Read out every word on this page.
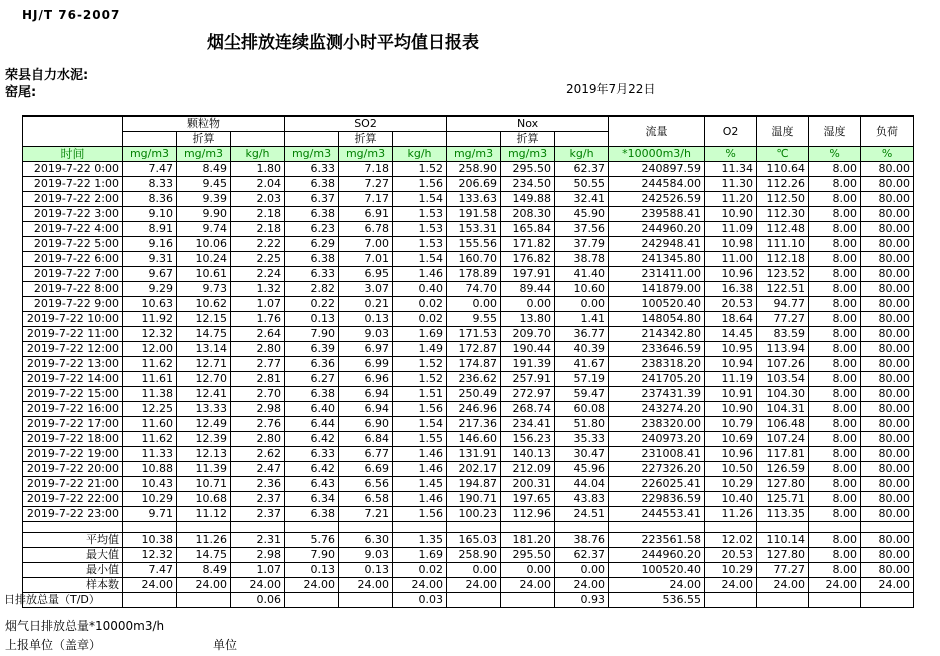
HJ/T 76-2007
烟尘排放连续监测小时平均值日报表
荣县自力水泥:
窑尾:	2019年7月22日
	颗粒物			SO2			Nox			流量	O2	温度	湿度	负荷
		折算			折算			折算						
时间	mg/m3	mg/m3	kg/h	mg/m3	mg/m3	kg/h	mg/m3	mg/m3	kg/h	*10000m3/h	%	℃	%	%
2019-7-22 0:00	7.47	8.49	1.80	6.33	7.18	1.52	258.90	295.50	62.37	240897.59	11.34	110.64	8.00	80.00
2019-7-22 1:00	8.33	9.45	2.04	6.38	7.27	1.56	206.69	234.50	50.55	244584.00	11.30	112.26	8.00	80.00
2019-7-22 2:00	8.36	9.39	2.03	6.37	7.17	1.54	133.63	149.88	32.41	242526.59	11.20	112.50	8.00	80.00
2019-7-22 3:00	9.10	9.90	2.18	6.38	6.91	1.53	191.58	208.30	45.90	239588.41	10.90	112.30	8.00	80.00
2019-7-22 4:00	8.91	9.74	2.18	6.23	6.78	1.53	153.31	165.84	37.56	244960.20	11.09	112.48	8.00	80.00
2019-7-22 5:00	9.16	10.06	2.22	6.29	7.00	1.53	155.56	171.82	37.79	242948.41	10.98	111.10	8.00	80.00
2019-7-22 6:00	9.31	10.24	2.25	6.38	7.01	1.54	160.70	176.82	38.78	241345.80	11.00	112.18	8.00	80.00
2019-7-22 7:00	9.67	10.61	2.24	6.33	6.95	1.46	178.89	197.91	41.40	231411.00	10.96	123.52	8.00	80.00
2019-7-22 8:00	9.29	9.73	1.32	2.82	3.07	0.40	74.70	89.44	10.60	141879.00	16.38	122.51	8.00	80.00
2019-7-22 9:00	10.63	10.62	1.07	0.22	0.21	0.02	0.00	0.00	0.00	100520.40	20.53	94.77	8.00	80.00
2019-7-22 10:00	11.92	12.15	1.76	0.13	0.13	0.02	9.55	13.80	1.41	148054.80	18.64	77.27	8.00	80.00
2019-7-22 11:00	12.32	14.75	2.64	7.90	9.03	1.69	171.53	209.70	36.77	214342.80	14.45	83.59	8.00	80.00
2019-7-22 12:00	12.00	13.14	2.80	6.39	6.97	1.49	172.87	190.44	40.39	233646.59	10.95	113.94	8.00	80.00
2019-7-22 13:00	11.62	12.71	2.77	6.36	6.99	1.52	174.87	191.39	41.67	238318.20	10.94	107.26	8.00	80.00
2019-7-22 14:00	11.61	12.70	2.81	6.27	6.96	1.52	236.62	257.91	57.19	241705.20	11.19	103.54	8.00	80.00
2019-7-22 15:00	11.38	12.41	2.70	6.38	6.94	1.51	250.49	272.97	59.47	237431.39	10.91	104.30	8.00	80.00
2019-7-22 16:00	12.25	13.33	2.98	6.40	6.94	1.56	246.96	268.74	60.08	243274.20	10.90	104.31	8.00	80.00
2019-7-22 17:00	11.60	12.49	2.76	6.44	6.90	1.54	217.36	234.41	51.80	238320.00	10.79	106.48	8.00	80.00
2019-7-22 18:00	11.62	12.39	2.80	6.42	6.84	1.55	146.60	156.23	35.33	240973.20	10.69	107.24	8.00	80.00
2019-7-22 19:00	11.33	12.13	2.62	6.33	6.77	1.46	131.91	140.13	30.47	231008.41	10.96	117.81	8.00	80.00
2019-7-22 20:00	10.88	11.39	2.47	6.42	6.69	1.46	202.17	212.09	45.96	227326.20	10.50	126.59	8.00	80.00
2019-7-22 21:00	10.43	10.71	2.36	6.43	6.56	1.45	194.87	200.31	44.04	226025.41	10.29	127.80	8.00	80.00
2019-7-22 22:00	10.29	10.68	2.37	6.34	6.58	1.46	190.71	197.65	43.83	229836.59	10.40	125.71	8.00	80.00
2019-7-22 23:00	9.71	11.12	2.37	6.38	7.21	1.56	100.23	112.96	24.51	244553.41	11.26	113.35	8.00	80.00

平均值	10.38	11.26	2.31	5.76	6.30	1.35	165.03	181.20	38.76	223561.58	12.02	110.14	8.00	80.00
最大值	12.32	14.75	2.98	7.90	9.03	1.69	258.90	295.50	62.37	244960.20	20.53	127.80	8.00	80.00
最小值	7.47	8.49	1.07	0.13	0.13	0.02	0.00	0.00	0.00	100520.40	10.29	77.27	8.00	80.00
样本数	24.00	24.00	24.00	24.00	24.00	24.00	24.00	24.00	24.00	24.00	24.00	24.00	24.00	24.00
日排放总量（T/D）			0.06			0.03			0.93	536.55				
烟气日排放总量*10000m3/h
上报单位（盖章）	单位
